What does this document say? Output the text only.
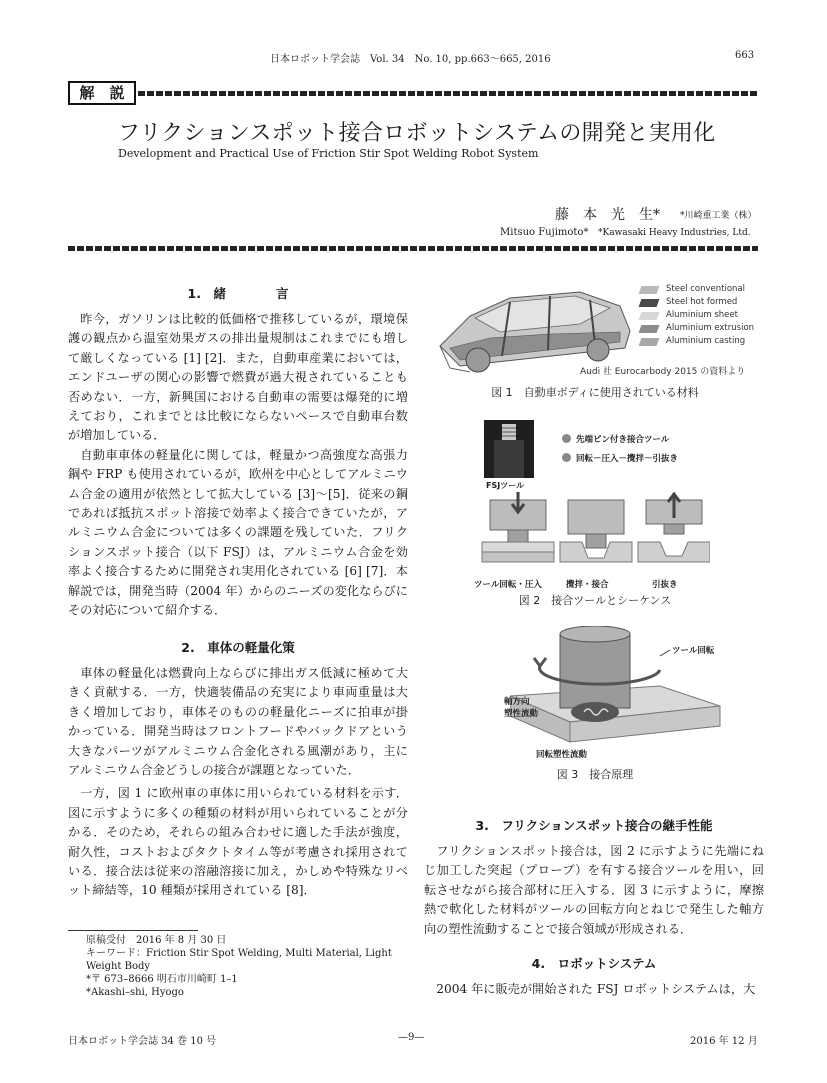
日本ロボット学会誌　Vol. 34　No. 10, pp.663～665, 2016	663
解　説
フリクションスポット接合ロボットシステムの開発と実用化
Development and Practical Use of Friction Stir Spot Welding Robot System
藤　本　光　生* *川崎重工業（株）
Mitsuo Fujimoto* *Kawasaki Heavy Industries, Ltd.
1.　緒　　　　言

昨今，ガソリンは比較的低価格で推移しているが，環境保護の観点から温室効果ガスの排出量規制はこれまでにも増して厳しくなっている [1] [2]．また，自動車産業においては，エンドユーザの関心の影響で燃費が過大視されていることも否めない．一方，新興国における自動車の需要は爆発的に増えており，これまでとは比較にならないペースで自動車台数が増加している．

自動車車体の軽量化に関しては，軽量かつ高強度な高張力鋼や FRP も使用されているが，欧州を中心としてアルミニウム合金の適用が依然として拡大している [3]～[5]．従来の鋼であれば抵抗スポット溶接で効率よく接合できていたが，アルミニウム合金については多くの課題を残していた．フリクションスポット接合（以下 FSJ）は，アルミニウム合金を効率よく接合するために開発され実用化されている [6] [7]．本解説では，開発当時（2004 年）からのニーズの変化ならびにその対応について紹介する．

2.　車体の軽量化策

車体の軽量化は燃費向上ならびに排出ガス低減に極めて大きく貢献する．一方，快適装備品の充実により車両重量は大きく増加しており，車体そのものの軽量化ニーズに拍車が掛かっている．開発当時はフロントフードやバックドアという大きなパーツがアルミニウム合金化される風潮があり，主にアルミニウム合金どうしの接合が課題となっていた．

一方，図 1 に欧州車の車体に用いられている材料を示す．図に示すように多くの種類の材料が用いられていることが分かる．そのため，それらの組み合わせに適した手法が強度，耐久性，コストおよびタクトタイム等が考慮され採用されている．接合法は従来の溶融溶接に加え，かしめや特殊なリベット締結等，10 種類が採用されている [8]．

原稿受付　2016 年 8 月 30 日
キーワード：Friction Stir Spot Welding, Multi Material, Light Weight Body
*〒 673–8666 明石市川崎町 1–1
*Akashi–shi, Hyogo
Steel conventional
Steel hot formed
Aluminium sheet
Aluminium extrusion
Aluminium casting
Audi 社 Eurocarbody 2015 の資料より
図 1　自動車ボディに使用されている材料
FSJツール
先端ピン付き接合ツール
回転－圧入－攪拌－引抜き
ツール回転・圧入	攪拌・接合	引抜き
図 2　接合ツールとシーケンス
ツール回転
軸方向
塑性流動
回転塑性流動
図 3　接合原理
3.　フリクションスポット接合の継手性能

フリクションスポット接合は，図 2 に示すように先端にねじ加工した突起（プローブ）を有する接合ツールを用い，回転させながら接合部材に圧入する．図 3 に示すように，摩擦熱で軟化した材料がツールの回転方向とねじで発生した軸方向の塑性流動することで接合領域が形成される．

4.　ロボットシステム

2004 年に販売が開始された FSJ ロボットシステムは，大

日本ロボット学会誌 34 巻 10 号	—9—	2016 年 12 月
